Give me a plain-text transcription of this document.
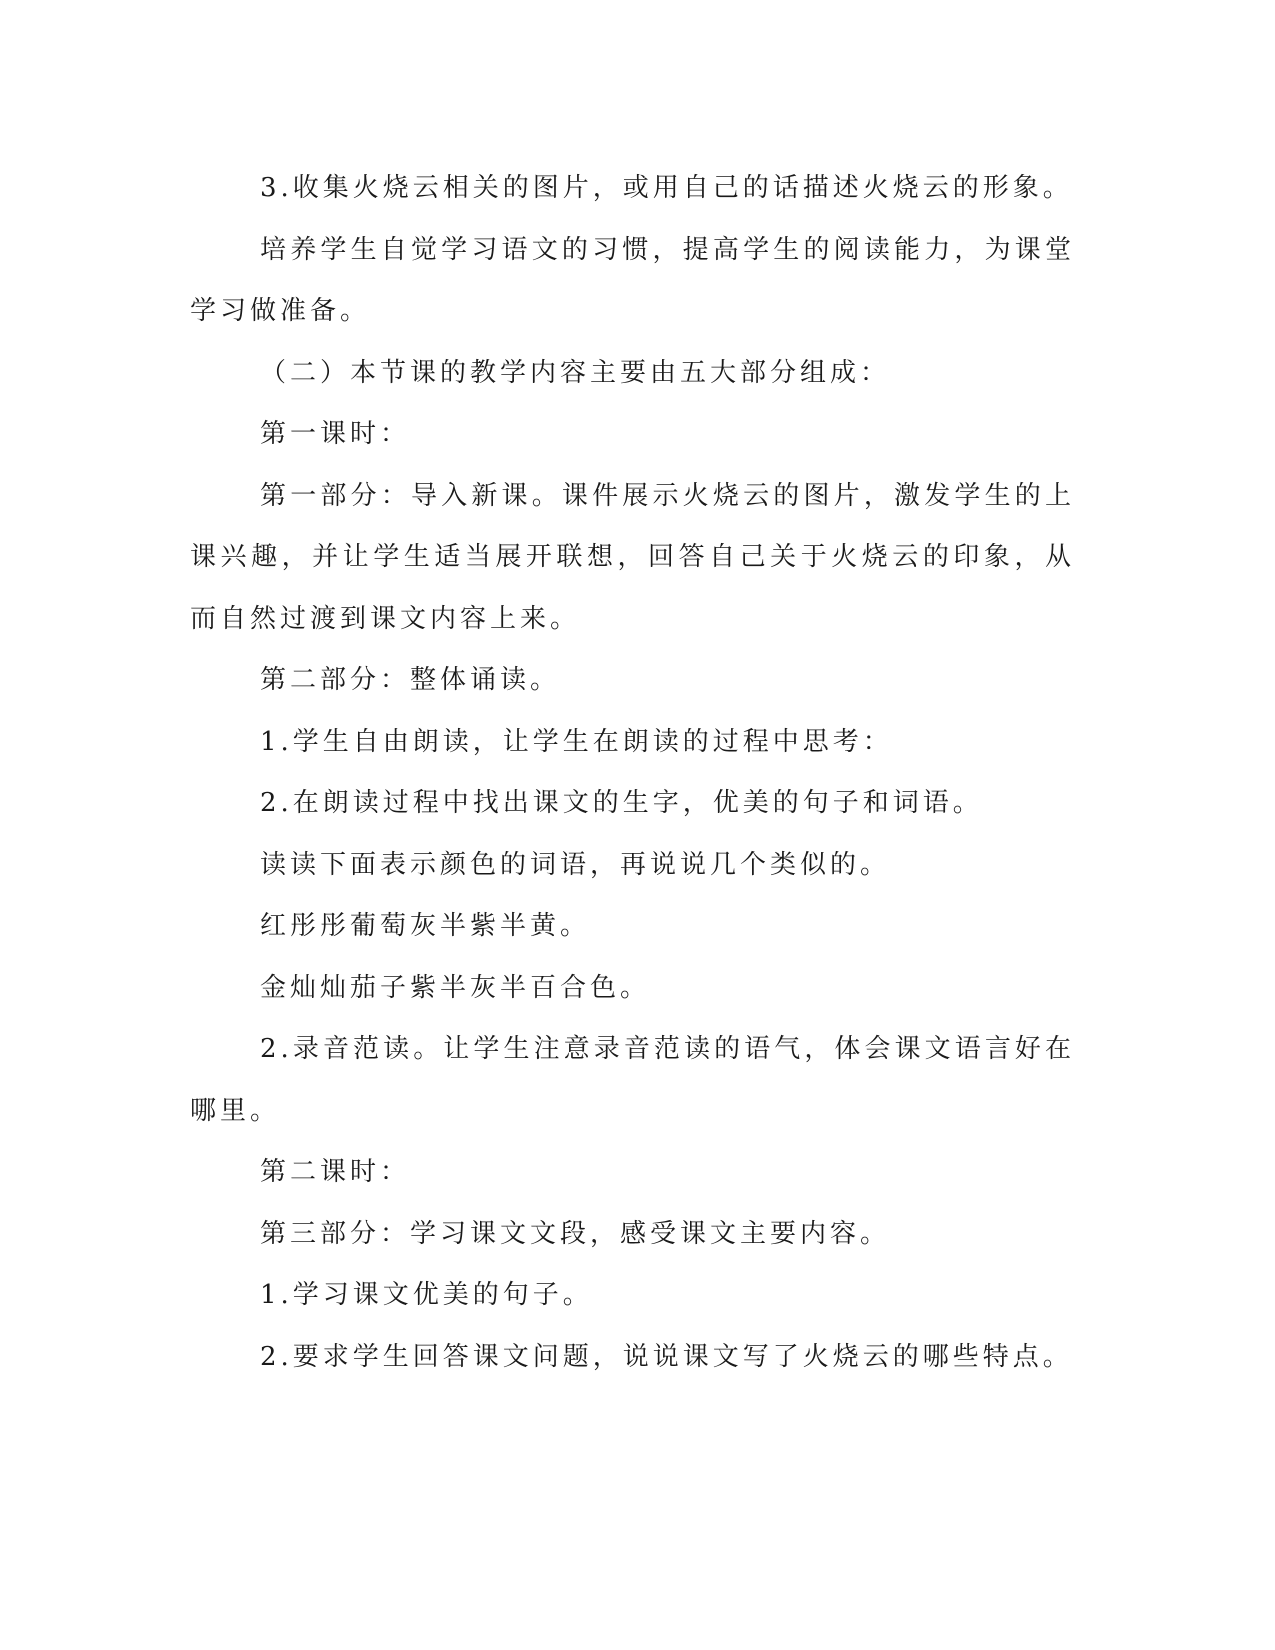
3.收集火烧云相关的图片，或用自己的话描述火烧云的形象。

培养学生自觉学习语文的习惯，提高学生的阅读能力，为课堂学习做准备。

（二）本节课的教学内容主要由五大部分组成：

第一课时：

第一部分：导入新课。课件展示火烧云的图片，激发学生的上课兴趣，并让学生适当展开联想，回答自己关于火烧云的印象，从而自然过渡到课文内容上来。

第二部分：整体诵读。

1.学生自由朗读，让学生在朗读的过程中思考：

2.在朗读过程中找出课文的生字，优美的句子和词语。

读读下面表示颜色的词语，再说说几个类似的。

红彤彤葡萄灰半紫半黄。

金灿灿茄子紫半灰半百合色。

2.录音范读。让学生注意录音范读的语气，体会课文语言好在哪里。

第二课时：

第三部分：学习课文文段，感受课文主要内容。

1.学习课文优美的句子。

2.要求学生回答课文问题，说说课文写了火烧云的哪些特点。
